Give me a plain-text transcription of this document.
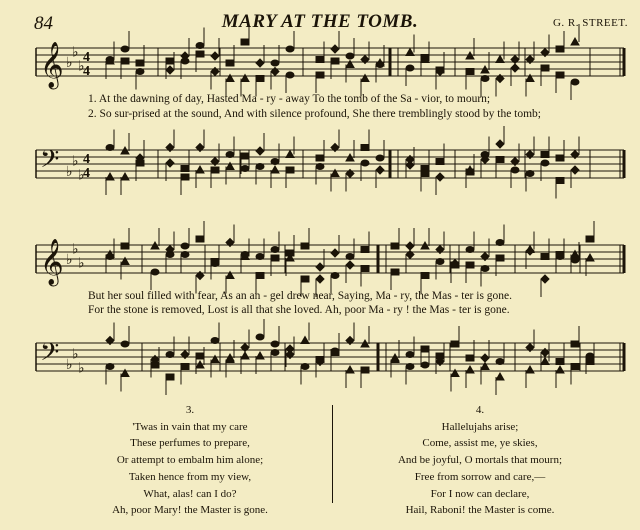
84	MARY AT THE TOMB.	G. R. STREET.
𝄞 ♭
♭
♭
4
4
𝄢 ♭
♭
♭
4
4
𝄞 ♭
♭
♭
𝄢 ♭
♭
♭
1. At the dawning of day, Hasted Ma - ry - away To the tomb of the Sa - vior, to mourn;
2. So sur-prised at the sound, And with silence profound, She there tremblingly stood by the tomb;
But her soul filled with fear, As an an - gel drew near, Saying, Ma - ry, the Mas - ter is gone.
For the stone is removed, Lost is all that she loved. Ah, poor Ma - ry ! the Mas - ter is gone.
3.
'Twas in vain that my care
These perfumes to prepare,
Or attempt to embalm him alone;
Taken hence from my view,
What, alas! can I do?
Ah, poor Mary! the Master is gone.
4.
Hallelujahs arise;
Come, assist me, ye skies,
And be joyful, O mortals that mourn;
Free from sorrow and care,—
For I now can declare,
Hail, Raboni! the Master is come.
